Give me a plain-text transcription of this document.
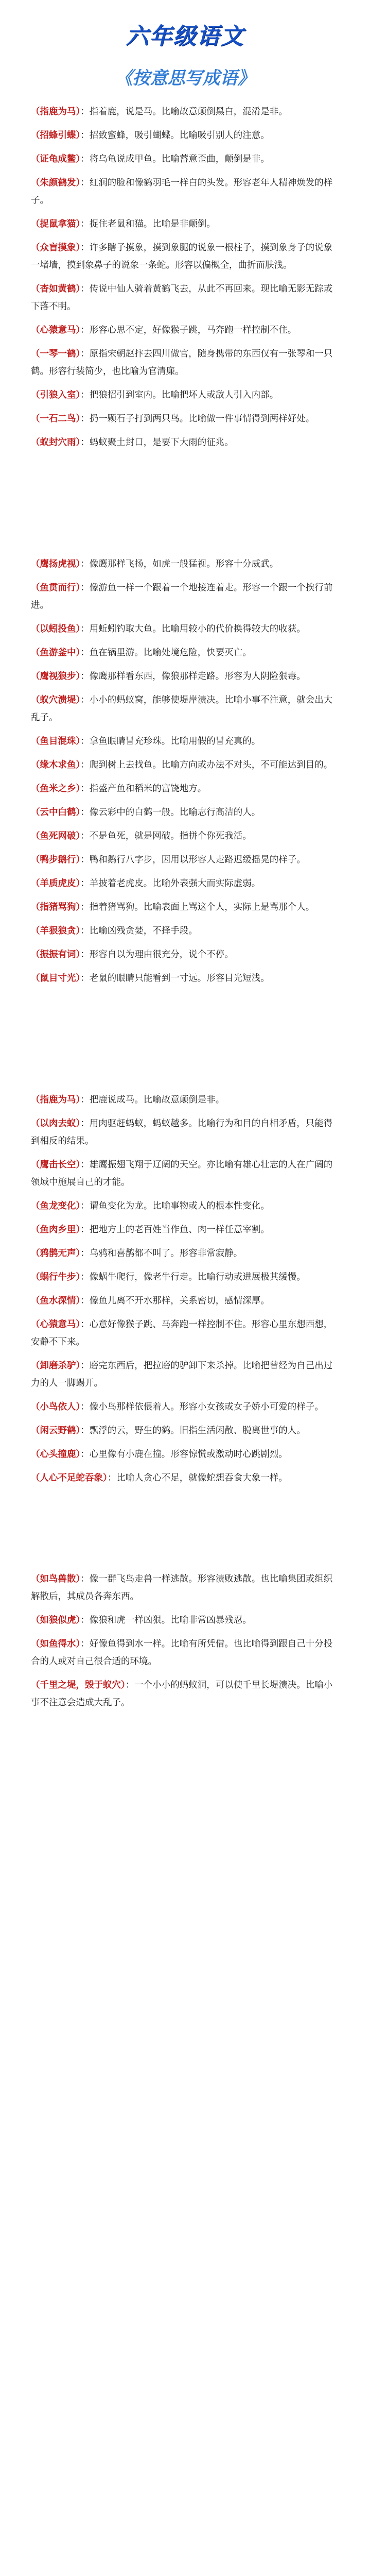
六年级语文
《按意思写成语》

（指鹿为马）：指着鹿，说是马。比喻故意颠倒黑白，混淆是非。

（招蜂引蝶）：招致蜜蜂，吸引蝴蝶。比喻吸引别人的注意。

（证龟成鳖）：将乌龟说成甲鱼。比喻蓄意歪曲，颠倒是非。

（朱颜鹤发）：红润的脸和像鹤羽毛一样白的头发。形容老年人精神焕发的样子。

（捉鼠拿猫）：捉住老鼠和猫。比喻是非颠倒。

（众盲摸象）：许多瞎子摸象，摸到象腿的说象一根柱子，摸到象身子的说象一堵墙，摸到象鼻子的说象一条蛇。形容以偏概全，曲折而肤浅。

（杳如黄鹤）：传说中仙人骑着黄鹤飞去，从此不再回来。现比喻无影无踪或下落不明。

（心猿意马）：形容心思不定，好像猴子跳，马奔跑一样控制不住。

（一琴一鹤）：原指宋朝赵抃去四川做官，随身携带的东西仅有一张琴和一只鹤。形容行装简少，也比喻为官清廉。

（引狼入室）：把狼招引到室内。比喻把坏人或敌人引入内部。

（一石二鸟）：扔一颗石子打到两只鸟。比喻做一件事情得到两样好处。

（蚁封穴雨）：蚂蚁聚土封口，是要下大雨的征兆。

（鹰扬虎视）：像鹰那样飞扬，如虎一般猛视。形容十分威武。

（鱼贯而行）：像游鱼一样一个跟着一个地接连着走。形容一个跟一个挨行前进。

（以蚓投鱼）：用蚯蚓钓取大鱼。比喻用较小的代价换得较大的收获。

（鱼游釜中）：鱼在锅里游。比喻处境危险，快要灭亡。

（鹰视狼步）：像鹰那样看东西，像狼那样走路。形容为人阴险狠毒。

（蚁穴溃堤）：小小的蚂蚁窝，能够使堤岸溃决。比喻小事不注意，就会出大乱子。

（鱼目混珠）：拿鱼眼睛冒充珍珠。比喻用假的冒充真的。

（缘木求鱼）：爬到树上去找鱼。比喻方向或办法不对头，不可能达到目的。

（鱼米之乡）：指盛产鱼和稻米的富饶地方。

（云中白鹤）：像云彩中的白鹤一般。比喻志行高洁的人。

（鱼死网破）：不是鱼死，就是网破。指拼个你死我活。

（鸭步鹅行）：鸭和鹅行八字步，因用以形容人走路迟缓摇晃的样子。

（羊质虎皮）：羊披着老虎皮。比喻外表强大而实际虚弱。

（指猪骂狗）：指着猪骂狗。比喻表面上骂这个人，实际上是骂那个人。

（羊狠狼贪）：比喻凶残贪婪，不择手段。

（振振有词）：形容自以为理由很充分，说个不停。

（鼠目寸光）：老鼠的眼睛只能看到一寸远。形容目光短浅。

（指鹿为马）：把鹿说成马。比喻故意颠倒是非。

（以肉去蚁）：用肉驱赶蚂蚁，蚂蚁越多。比喻行为和目的自相矛盾，只能得到相反的结果。

（鹰击长空）：雄鹰振翅飞翔于辽阔的天空。亦比喻有雄心壮志的人在广阔的领域中施展自己的才能。

（鱼龙变化）：谓鱼变化为龙。比喻事物或人的根本性变化。

（鱼肉乡里）：把地方上的老百姓当作鱼、肉一样任意宰割。

（鸦鹊无声）：乌鸦和喜鹊都不叫了。形容非常寂静。

（蜗行牛步）：像蜗牛爬行，像老牛行走。比喻行动或进展极其缓慢。

（鱼水深情）：像鱼儿离不开水那样，关系密切，感情深厚。

（心猿意马）：心意好像猴子跳、马奔跑一样控制不住。形容心里东想西想，安静不下来。

（卸磨杀驴）：磨完东西后，把拉磨的驴卸下来杀掉。比喻把曾经为自己出过力的人一脚踢开。

（小鸟依人）：像小鸟那样依偎着人。形容小女孩或女子娇小可爱的样子。

（闲云野鹤）：飘浮的云，野生的鹤。旧指生活闲散、脱离世事的人。

（心头撞鹿）：心里像有小鹿在撞。形容惊慌或激动时心跳剧烈。

（人心不足蛇吞象）：比喻人贪心不足，就像蛇想吞食大象一样。

（如鸟兽散）：像一群飞鸟走兽一样逃散。形容溃败逃散。也比喻集团或组织解散后，其成员各奔东西。

（如狼似虎）：像狼和虎一样凶狠。比喻非常凶暴残忍。

（如鱼得水）：好像鱼得到水一样。比喻有所凭借。也比喻得到跟自己十分投合的人或对自己很合适的环境。

（千里之堤，毁于蚁穴）：一个小小的蚂蚁洞，可以使千里长堤溃决。比喻小事不注意会造成大乱子。
